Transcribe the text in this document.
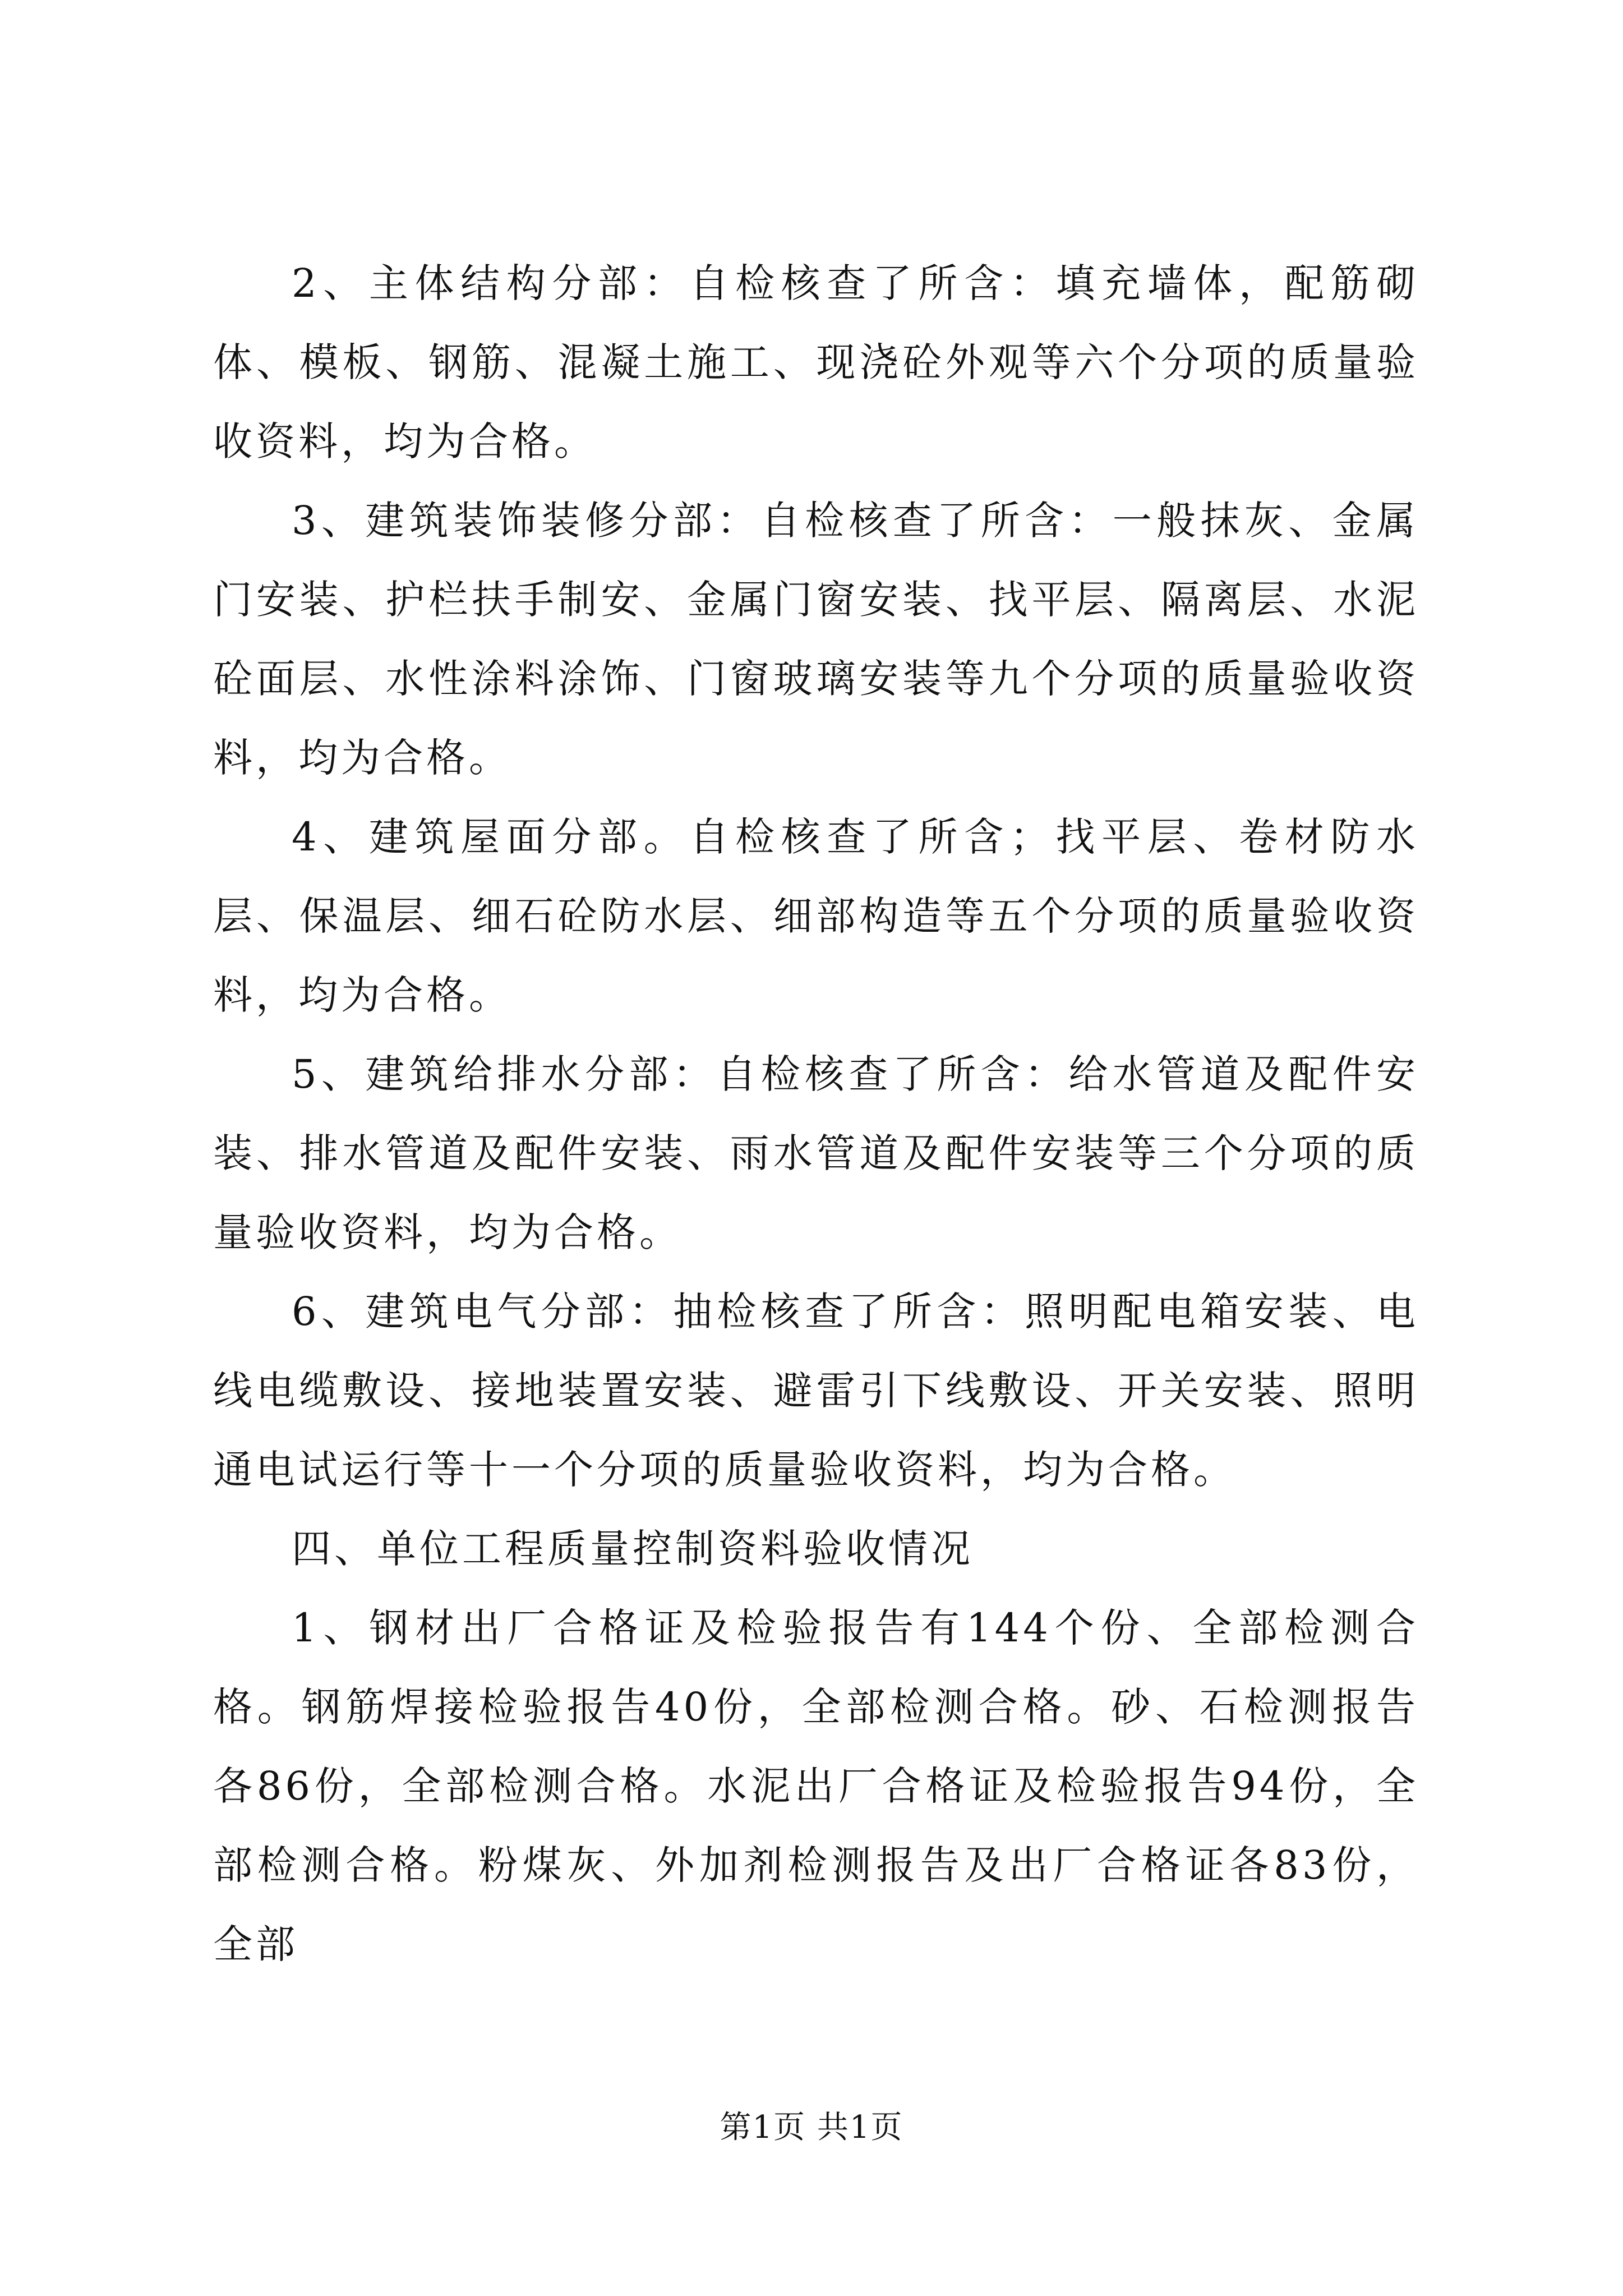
2、主体结构分部：自检核查了所含：填充墙体，配筋砌体、模板、钢筋、混凝土施工、现浇砼外观等六个分项的质量验收资料，均为合格。

3、建筑装饰装修分部：自检核查了所含：一般抹灰、金属门安装、护栏扶手制安、金属门窗安装、找平层、隔离层、水泥砼面层、水性涂料涂饰、门窗玻璃安装等九个分项的质量验收资料，均为合格。

4、建筑屋面分部。自检核查了所含；找平层、卷材防水层、保温层、细石砼防水层、细部构造等五个分项的质量验收资料，均为合格。

5、建筑给排水分部：自检核查了所含：给水管道及配件安装、排水管道及配件安装、雨水管道及配件安装等三个分项的质量验收资料，均为合格。

6、建筑电气分部：抽检核查了所含：照明配电箱安装、电线电缆敷设、接地装置安装、避雷引下线敷设、开关安装、照明通电试运行等十一个分项的质量验收资料，均为合格。

四、单位工程质量控制资料验收情况

1、钢材出厂合格证及检验报告有144个份、全部检测合格。钢筋焊接检验报告40份，全部检测合格。砂、石检测报告各86份，全部检测合格。水泥出厂合格证及检验报告94份，全部检测合格。粉煤灰、外加剂检测报告及出厂合格证各83份，全部

第1页 共1页
